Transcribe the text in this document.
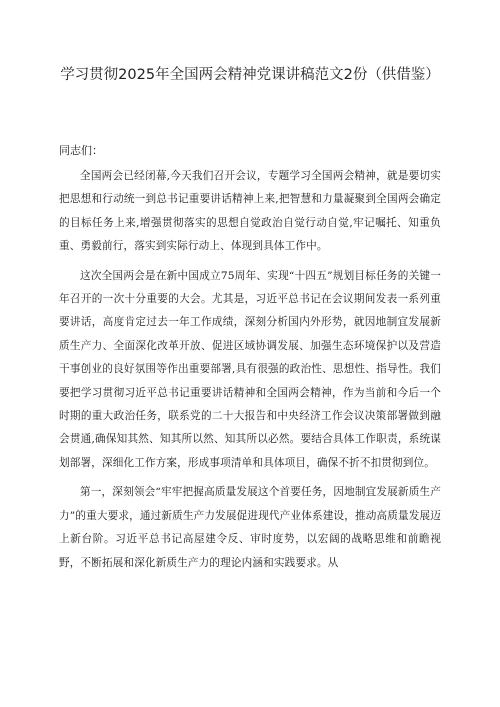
学习贯彻2025年全国两会精神党课讲稿范文2份（供借鉴）
同志们：

全国两会已经闭幕,今天我们召开会议，专题学习全国两会精神，就是要切实把思想和行动统一到总书记重要讲话精神上来,把智慧和力量凝聚到全国两会确定的目标任务上来,增强贯彻落实的思想自觉政治自觉行动自觉,牢记嘱托、知重负重、勇毅前行，落实到实际行动上、体现到具体工作中。

这次全国两会是在新中国成立75周年、实现“十四五”规划目标任务的关键一年召开的一次十分重要的大会。尤其是，习近平总书记在会议期间发表一系列重要讲话，高度肯定过去一年工作成绩，深刻分析国内外形势，就因地制宜发展新质生产力、全面深化改革开放、促进区域协调发展、加强生态环境保护以及营造干事创业的良好氛围等作出重要部署,具有很强的政治性、思想性、指导性。我们要把学习贯彻习近平总书记重要讲话精神和全国两会精神，作为当前和今后一个时期的重大政治任务，联系党的二十大报告和中央经济工作会议决策部署做到融会贯通,确保知其然、知其所以然、知其所以必然。要结合具体工作职责，系统谋划部署，深细化工作方案，形成事项清单和具体项目，确保不折不扣贯彻到位。

第一，深刻领会“牢牢把握高质量发展这个首要任务，因地制宜发展新质生产力”的重大要求，通过新质生产力发展促进现代产业体系建设，推动高质量发展迈上新台阶。习近平总书记高屋建令反、审时度势，以宏阔的战略思维和前瞻视野，不断拓展和深化新质生产力的理论内涵和实践要求。从
